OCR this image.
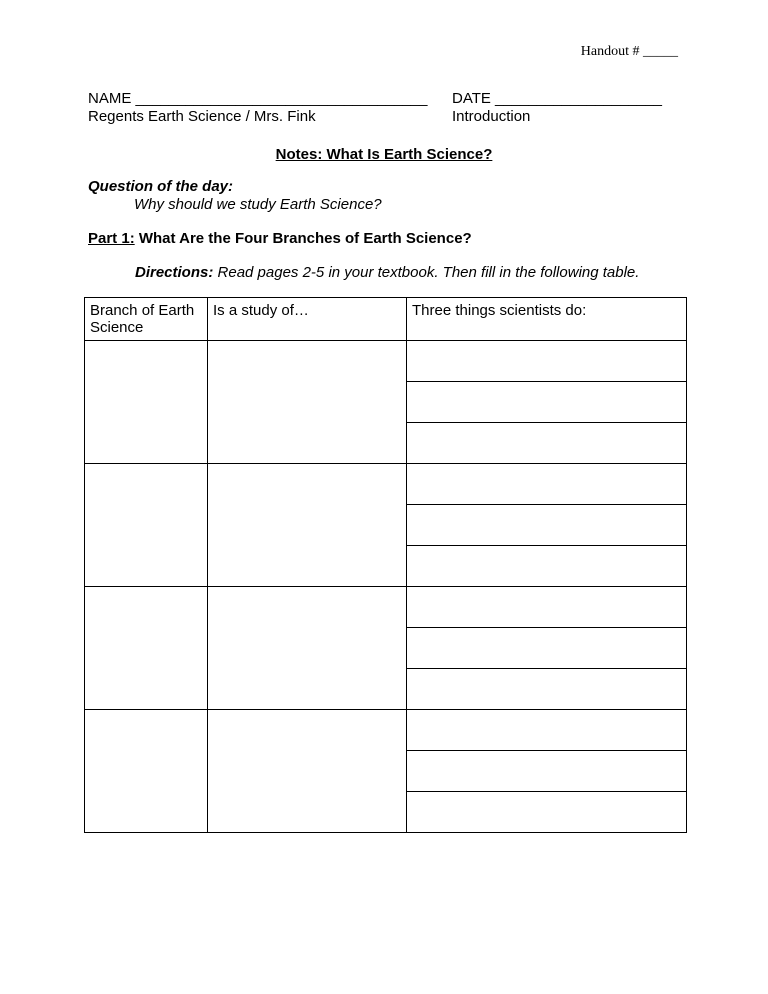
Handout # _____
NAME ___________________________________
Regents Earth Science / Mrs. Fink
DATE ____________________
Introduction
Notes: What Is Earth Science?
Question of the day:
Why should we study Earth Science?
Part 1: What Are the Four Branches of Earth Science?
Directions: Read pages 2-5 in your textbook. Then fill in the following table.
Branch of Earth Science	Is a study of…	Three things scientists do:
